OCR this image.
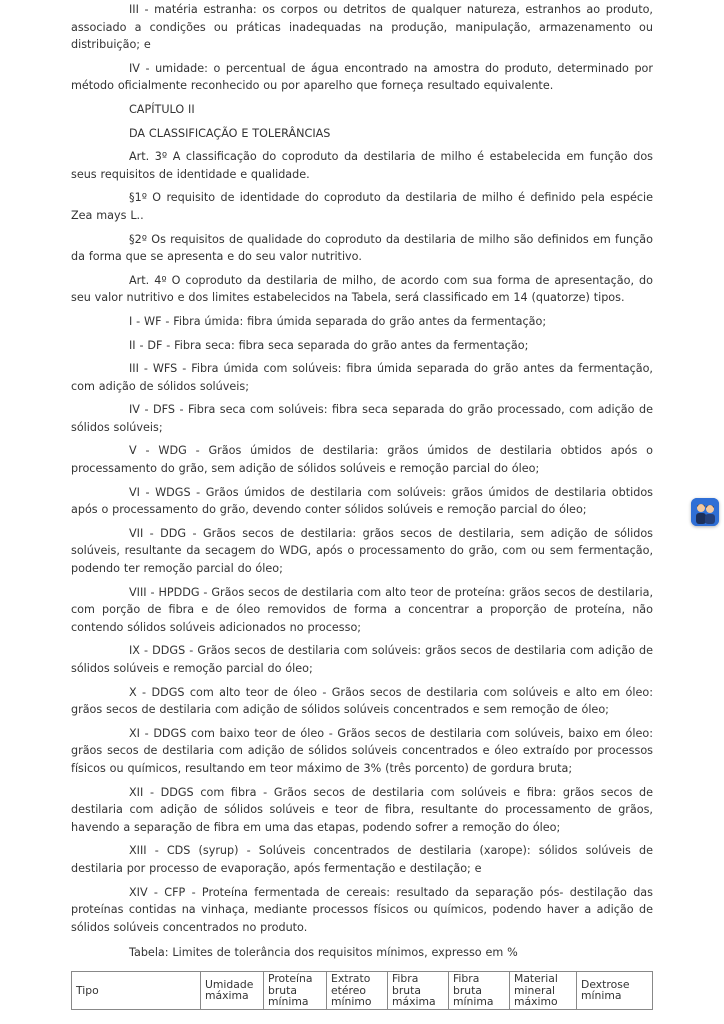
III - matéria estranha: os corpos ou detritos de qualquer natureza, estranhos ao produto, associado a condições ou práticas inadequadas na produção, manipulação, armazenamento ou distribuição; e

IV - umidade: o percentual de água encontrado na amostra do produto, determinado por método oficialmente reconhecido ou por aparelho que forneça resultado equivalente.

CAPÍTULO II

DA CLASSIFICAÇÃO E TOLERÂNCIAS

Art. 3º A classificação do coproduto da destilaria de milho é estabelecida em função dos seus requisitos de identidade e qualidade.

§1º O requisito de identidade do coproduto da destilaria de milho é definido pela espécie Zea mays L..

§2º Os requisitos de qualidade do coproduto da destilaria de milho são definidos em função da forma que se apresenta e do seu valor nutritivo.

Art. 4º O coproduto da destilaria de milho, de acordo com sua forma de apresentação, do seu valor nutritivo e dos limites estabelecidos na Tabela, será classificado em 14 (quatorze) tipos.

I - WF - Fibra úmida: fibra úmida separada do grão antes da fermentação;

II - DF - Fibra seca: fibra seca separada do grão antes da fermentação;

III - WFS - Fibra úmida com solúveis: fibra úmida separada do grão antes da fermentação, com adição de sólidos solúveis;

IV - DFS - Fibra seca com solúveis: fibra seca separada do grão processado, com adição de sólidos solúveis;

V - WDG - Grãos úmidos de destilaria: grãos úmidos de destilaria obtidos após o processamento do grão, sem adição de sólidos solúveis e remoção parcial do óleo;

VI - WDGS - Grãos úmidos de destilaria com solúveis: grãos úmidos de destilaria obtidos após o processamento do grão, devendo conter sólidos solúveis e remoção parcial do óleo;

VII - DDG - Grãos secos de destilaria: grãos secos de destilaria, sem adição de sólidos solúveis, resultante da secagem do WDG, após o processamento do grão, com ou sem fermentação, podendo ter remoção parcial do óleo;

VIII - HPDDG - Grãos secos de destilaria com alto teor de proteína: grãos secos de destilaria, com porção de fibra e de óleo removidos de forma a concentrar a proporção de proteína, não contendo sólidos solúveis adicionados no processo;

IX - DDGS - Grãos secos de destilaria com solúveis: grãos secos de destilaria com adição de sólidos solúveis e remoção parcial do óleo;

X - DDGS com alto teor de óleo - Grãos secos de destilaria com solúveis e alto em óleo: grãos secos de destilaria com adição de sólidos solúveis concentrados e sem remoção de óleo;

XI - DDGS com baixo teor de óleo - Grãos secos de destilaria com solúveis, baixo em óleo: grãos secos de destilaria com adição de sólidos solúveis concentrados e óleo extraído por processos físicos ou químicos, resultando em teor máximo de 3% (três porcento) de gordura bruta;

XII - DDGS com fibra - Grãos secos de destilaria com solúveis e fibra: grãos secos de destilaria com adição de sólidos solúveis e teor de fibra, resultante do processamento de grãos, havendo a separação de fibra em uma das etapas, podendo sofrer a remoção do óleo;

XIII - CDS (syrup) - Solúveis concentrados de destilaria (xarope): sólidos solúveis de destilaria por processo de evaporação, após fermentação e destilação; e

XIV - CFP - Proteína fermentada de cereais: resultado da separação pós- destilação das proteínas contidas na vinhaça, mediante processos físicos ou químicos, podendo haver a adição de sólidos solúveis concentrados no produto.

Tabela: Limites de tolerância dos requisitos mínimos, expresso em %

Tipo	Umidade máxima	Proteína bruta mínima	Extrato etéreo mínimo	Fibra bruta máxima	Fibra bruta mínima	Material mineral máximo	Dextrose mínima
